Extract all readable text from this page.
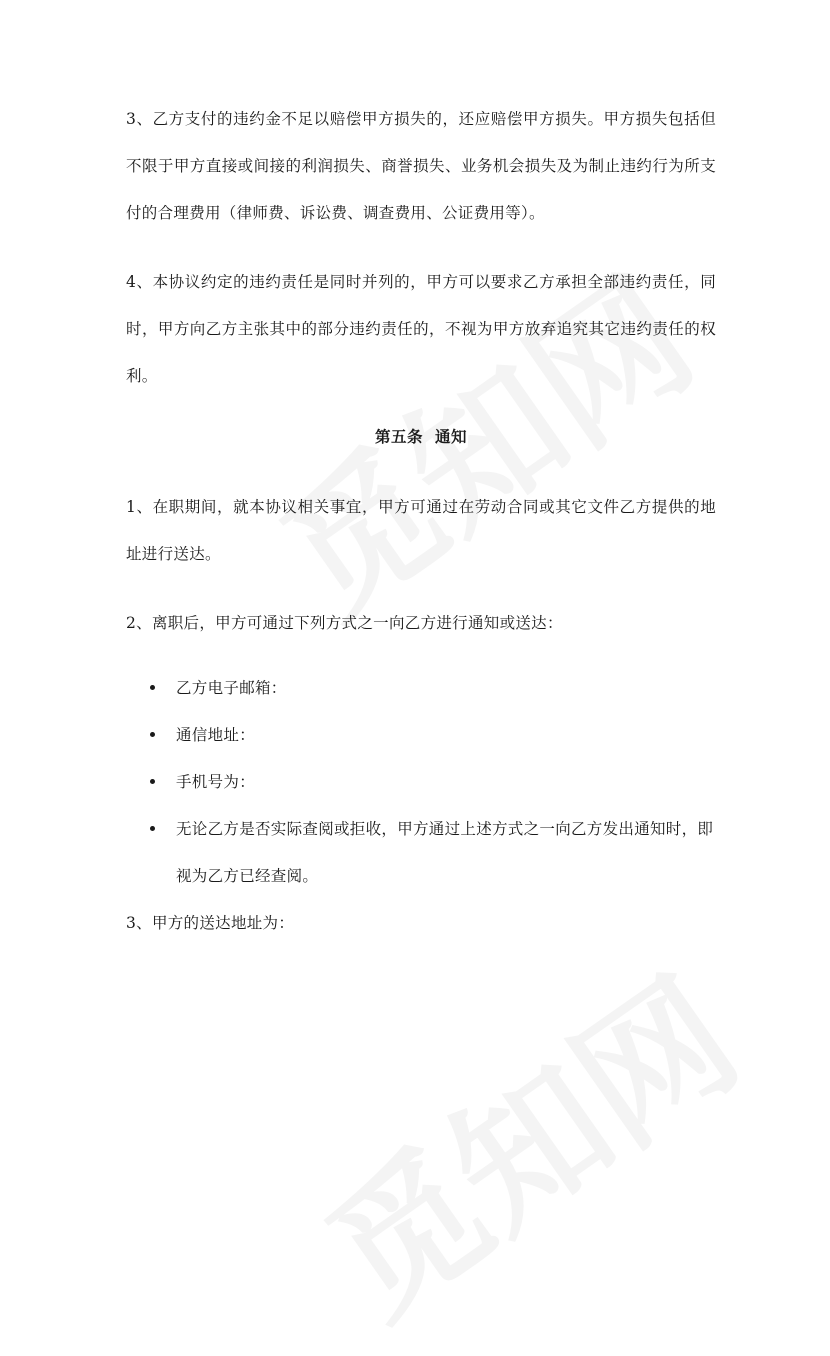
3、乙方支付的违约金不足以赔偿甲方损失的，还应赔偿甲方损失。甲方损失包括但不限于甲方直接或间接的利润损失、商誉损失、业务机会损失及为制止违约行为所支付的合理费用（律师费、诉讼费、调查费用、公证费用等）。

4、本协议约定的违约责任是同时并列的，甲方可以要求乙方承担全部违约责任，同时，甲方向乙方主张其中的部分违约责任的，不视为甲方放弃追究其它违约责任的权利。

第五条 通知

1、在职期间，就本协议相关事宜，甲方可通过在劳动合同或其它文件乙方提供的地址进行送达。

2、离职后，甲方可通过下列方式之一向乙方进行通知或送达：

乙方电子邮箱：
通信地址：
手机号为：
无论乙方是否实际查阅或拒收，甲方通过上述方式之一向乙方发出通知时，即视为乙方已经查阅。

3、甲方的送达地址为：
